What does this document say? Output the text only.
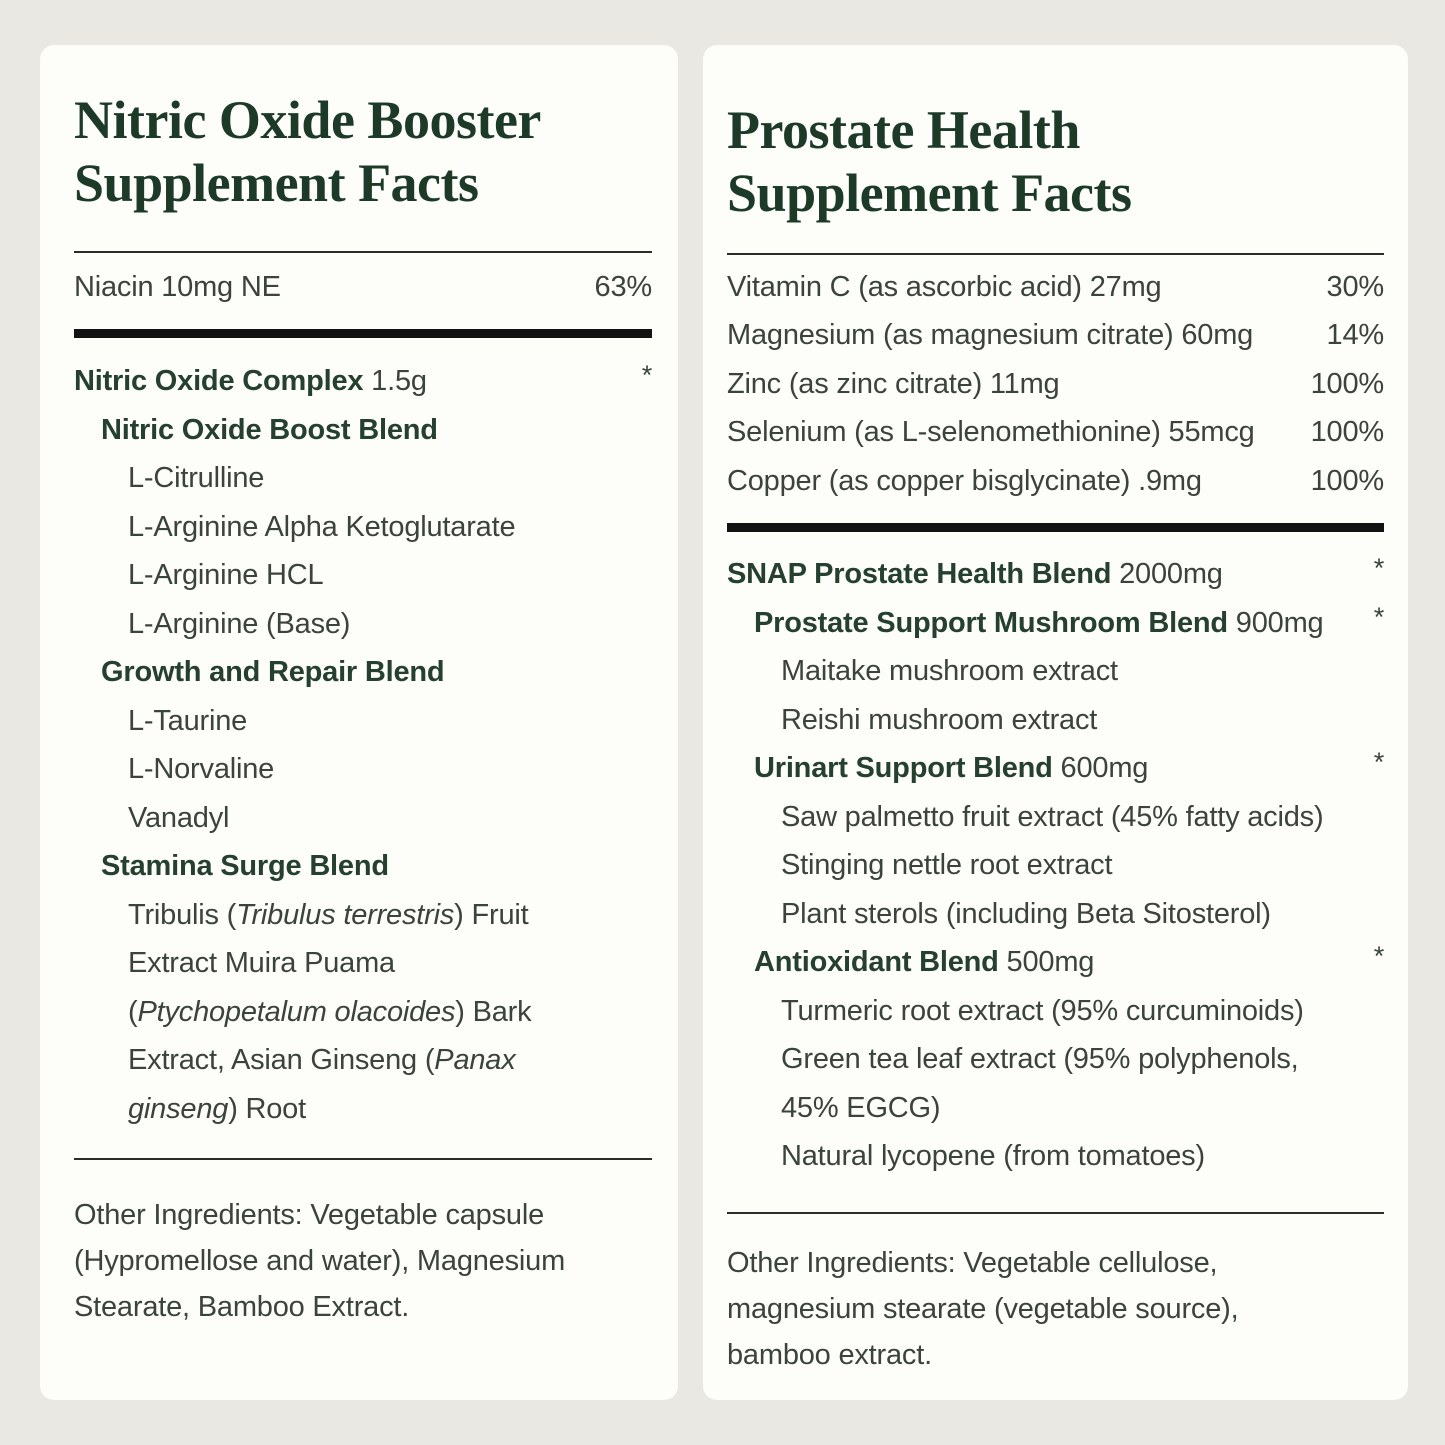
Nitric Oxide Booster
Supplement Facts
Niacin 10mg NE	63%
Nitric Oxide Complex 1.5g	*
Nitric Oxide Boost Blend
L-Citrulline
L-Arginine Alpha Ketoglutarate
L-Arginine HCL
L-Arginine (Base)
Growth and Repair Blend
L-Taurine
L-Norvaline
Vanadyl
Stamina Surge Blend
Tribulis (Tribulus terrestris) Fruit
Extract Muira Puama
(Ptychopetalum olacoides) Bark
Extract, Asian Ginseng (Panax
ginseng) Root
Other Ingredients: Vegetable capsule
(Hypromellose and water), Magnesium
Stearate, Bamboo Extract.
Prostate Health
Supplement Facts
Vitamin C (as ascorbic acid) 27mg	30%
Magnesium (as magnesium citrate) 60mg	14%
Zinc (as zinc citrate) 11mg	100%
Selenium (as L-selenomethionine) 55mcg	100%
Copper (as copper bisglycinate) .9mg	100%
SNAP Prostate Health Blend 2000mg	*
Prostate Support Mushroom Blend 900mg	*
Maitake mushroom extract
Reishi mushroom extract
Urinart Support Blend 600mg	*
Saw palmetto fruit extract (45% fatty acids)
Stinging nettle root extract
Plant sterols (including Beta Sitosterol)
Antioxidant Blend 500mg	*
Turmeric root extract (95% curcuminoids)
Green tea leaf extract (95% polyphenols,
45% EGCG)
Natural lycopene (from tomatoes)
Other Ingredients: Vegetable cellulose,
magnesium stearate (vegetable source),
bamboo extract.
